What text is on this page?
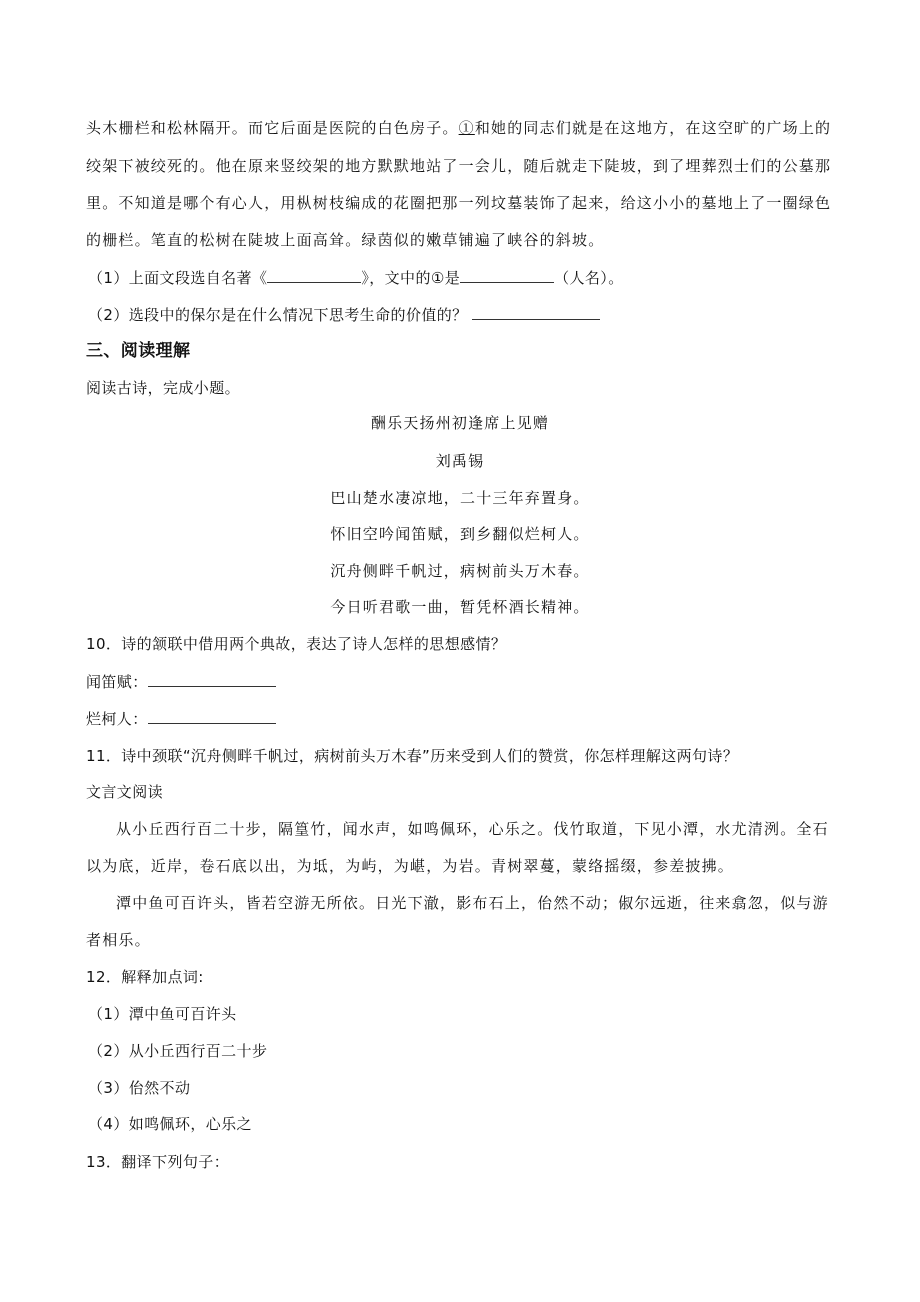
头木栅栏和松林隔开。而它后面是医院的白色房子。①和她的同志们就是在这地方，在这空旷的广场上的
绞架下被绞死的。他在原来竖绞架的地方默默地站了一会儿，随后就走下陡坡，到了埋葬烈士们的公墓那
里。不知道是哪个有心人，用枞树枝编成的花圈把那一列坟墓装饰了起来，给这小小的墓地上了一圈绿色
的栅栏。笔直的松树在陡坡上面高耸。绿茵似的嫩草铺遍了峡谷的斜坡。
（1）上面文段选自名著《	》，文中的①是	（人名）。
（2）选段中的保尔是在什么情况下思考生命的价值的？
三、阅读理解
阅读古诗，完成小题。
酬乐天扬州初逢席上见赠
刘禹锡
巴山楚水凄凉地，二十三年弃置身。
怀旧空吟闻笛赋，到乡翻似烂柯人。
沉舟侧畔千帆过，病树前头万木春。
今日听君歌一曲，暂凭杯酒长精神。
10．诗的颔联中借用两个典故，表达了诗人怎样的思想感情？
闻笛赋：
烂柯人：
11．诗中颈联“沉舟侧畔千帆过，病树前头万木春”历来受到人们的赞赏，你怎样理解这两句诗？
文言文阅读
从小丘西行百二十步，隔篁竹，闻水声，如鸣佩环，心乐之。伐竹取道，下见小潭，水尤清洌。全石
以为底，近岸，卷石底以出，为坻，为屿，为嵁，为岩。青树翠蔓，蒙络摇缀，参差披拂。
潭中鱼可百许头，皆若空游无所依。日光下澈，影布石上，佁然不动；俶尔远逝，往来翕忽，似与游
者相乐。
12．解释加点词:
（1）潭中鱼可百许头
（2）从小丘西行百二十步
（3）佁然不动
（4）如鸣佩环，心乐之
13．翻译下列句子：
